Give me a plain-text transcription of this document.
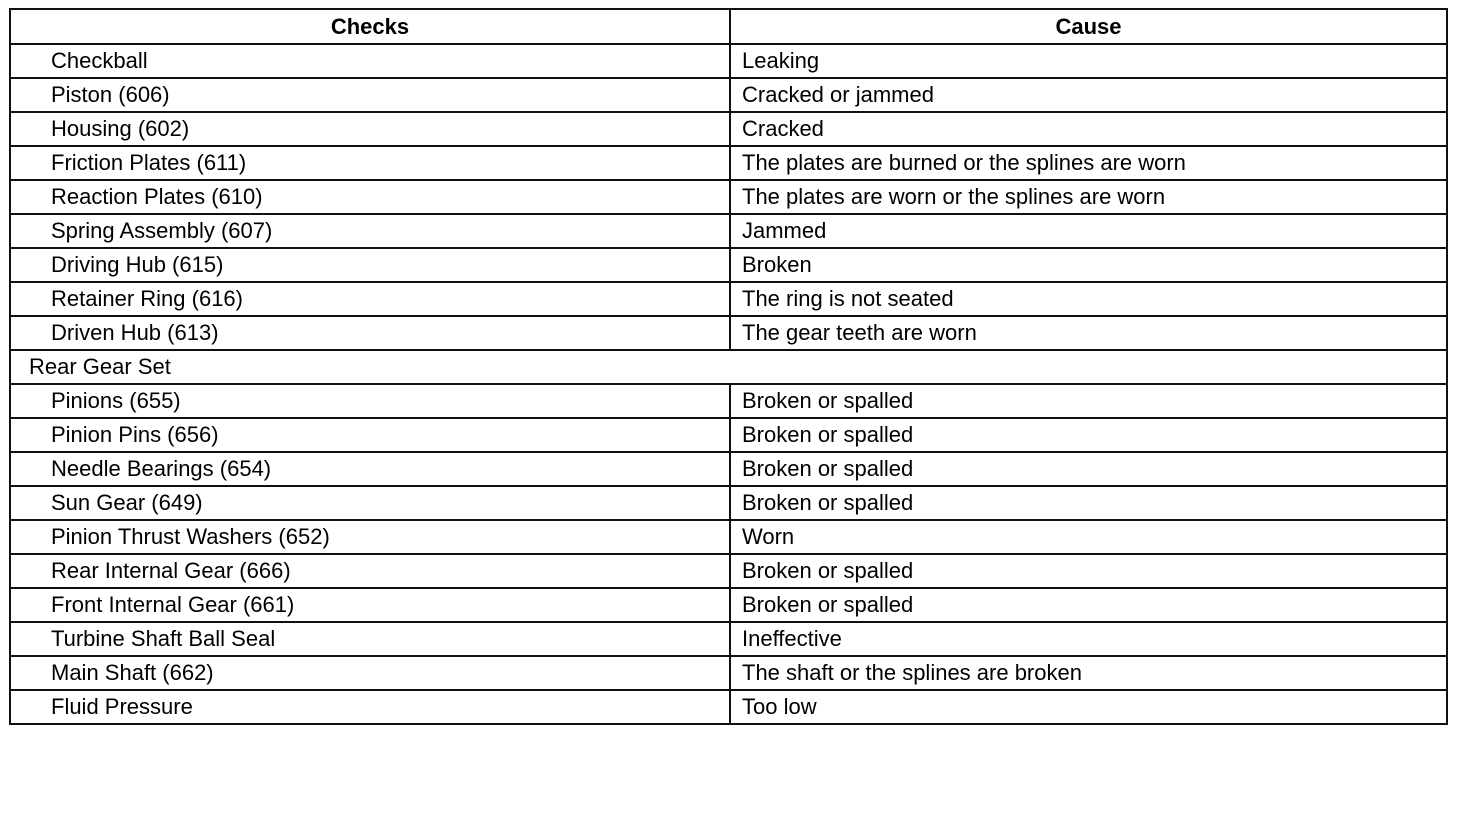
Checks	Cause
Checkball	Leaking
Piston (606)	Cracked or jammed
Housing (602)	Cracked
Friction Plates (611)	The plates are burned or the splines are worn
Reaction Plates (610)	The plates are worn or the splines are worn
Spring Assembly (607)	Jammed
Driving Hub (615)	Broken
Retainer Ring (616)	The ring is not seated
Driven Hub (613)	The gear teeth are worn
Rear Gear Set	
Pinions (655)	Broken or spalled
Pinion Pins (656)	Broken or spalled
Needle Bearings (654)	Broken or spalled
Sun Gear (649)	Broken or spalled
Pinion Thrust Washers (652)	Worn
Rear Internal Gear (666)	Broken or spalled
Front Internal Gear (661)	Broken or spalled
Turbine Shaft Ball Seal	Ineffective
Main Shaft (662)	The shaft or the splines are broken
Fluid Pressure	Too low
